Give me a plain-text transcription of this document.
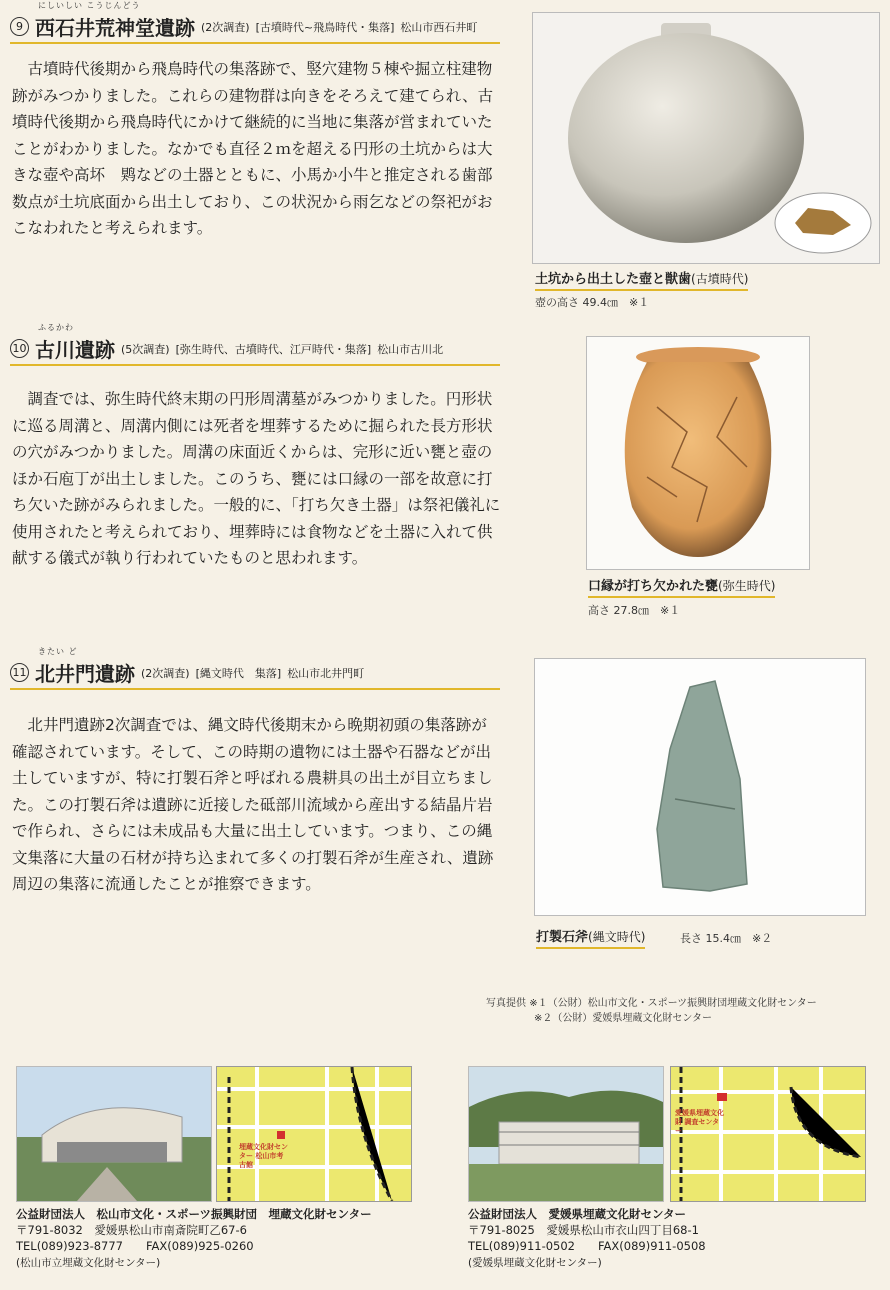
にしいしい こうじんどう
9 西石井荒神堂遺跡 (2次調査) [古墳時代~飛鳥時代・集落] 松山市西石井町

古墳時代後期から飛鳥時代の集落跡で、竪穴建物５棟や掘立柱建物跡がみつかりました。これらの建物群は向きをそろえて建てられ、古墳時代後期から飛鳥時代にかけて継続的に当地に集落が営まれていたことがわかりました。なかでも直径２ｍを超える円形の土坑からは大きな壺や高坏　䴗などの土器とともに、小馬か小牛と推定される歯部数点が土坑底面から出土しており、この状況から雨乞などの祭祀がおこなわれたと考えられます。

土坑から出土した壺と獣歯(古墳時代)
壺の高さ 49.4㎝　※１
ふるかわ
10 古川遺跡 (5次調査) [弥生時代、古墳時代、江戸時代・集落] 松山市古川北

調査では、弥生時代終末期の円形周溝墓がみつかりました。円形状に巡る周溝と、周溝内側には死者を埋葬するために掘られた長方形状の穴がみつかりました。周溝の床面近くからは、完形に近い甕と壺のほか石庖丁が出土しました。このうち、甕には口縁の一部を故意に打ち欠いた跡がみられました。一般的に、「打ち欠き土器」は祭祀儀礼に使用されたと考えられており、埋葬時には食物などを土器に入れて供献する儀式が執り行われていたものと思われます。

口縁が打ち欠かれた甕(弥生時代)
高さ 27.8㎝　※１
きたい ど
11 北井門遺跡 (2次調査) [縄文時代　集落] 松山市北井門町

北井門遺跡2次調査では、縄文時代後期末から晩期初頭の集落跡が確認されています。そして、この時期の遺物には土器や石器などが出土していますが、特に打製石斧と呼ばれる農耕具の出土が目立ちました。この打製石斧は遺跡に近接した砥部川流域から産出する結晶片岩で作られ、さらには未成品も大量に出土しています。つまり、この縄文集落に大量の石材が持ち込まれて多くの打製石斧が生産され、遺跡周辺の集落に流通したことが推察できます。

打製石斧(縄文時代)	長さ 15.4㎝　※２
写真提供 ※１（公財）松山市文化・スポーツ振興財団埋蔵文化財センター
※２（公財）愛媛県埋蔵文化財センター
埋蔵文化財センター 松山市考古館
公益財団法人　松山市文化・スポーツ振興財団　埋蔵文化財センター
〒791-8032　愛媛県松山市南斎院町乙67-6
TEL(089)923-8777　　FAX(089)925-0260
(松山市立埋蔵文化財センター)
愛媛県埋蔵文化財 調査センター
公益財団法人　愛媛県埋蔵文化財センター
〒791-8025　愛媛県松山市衣山四丁目68-1
TEL(089)911-0502　　FAX(089)911-0508
(愛媛県埋蔵文化財センター)
